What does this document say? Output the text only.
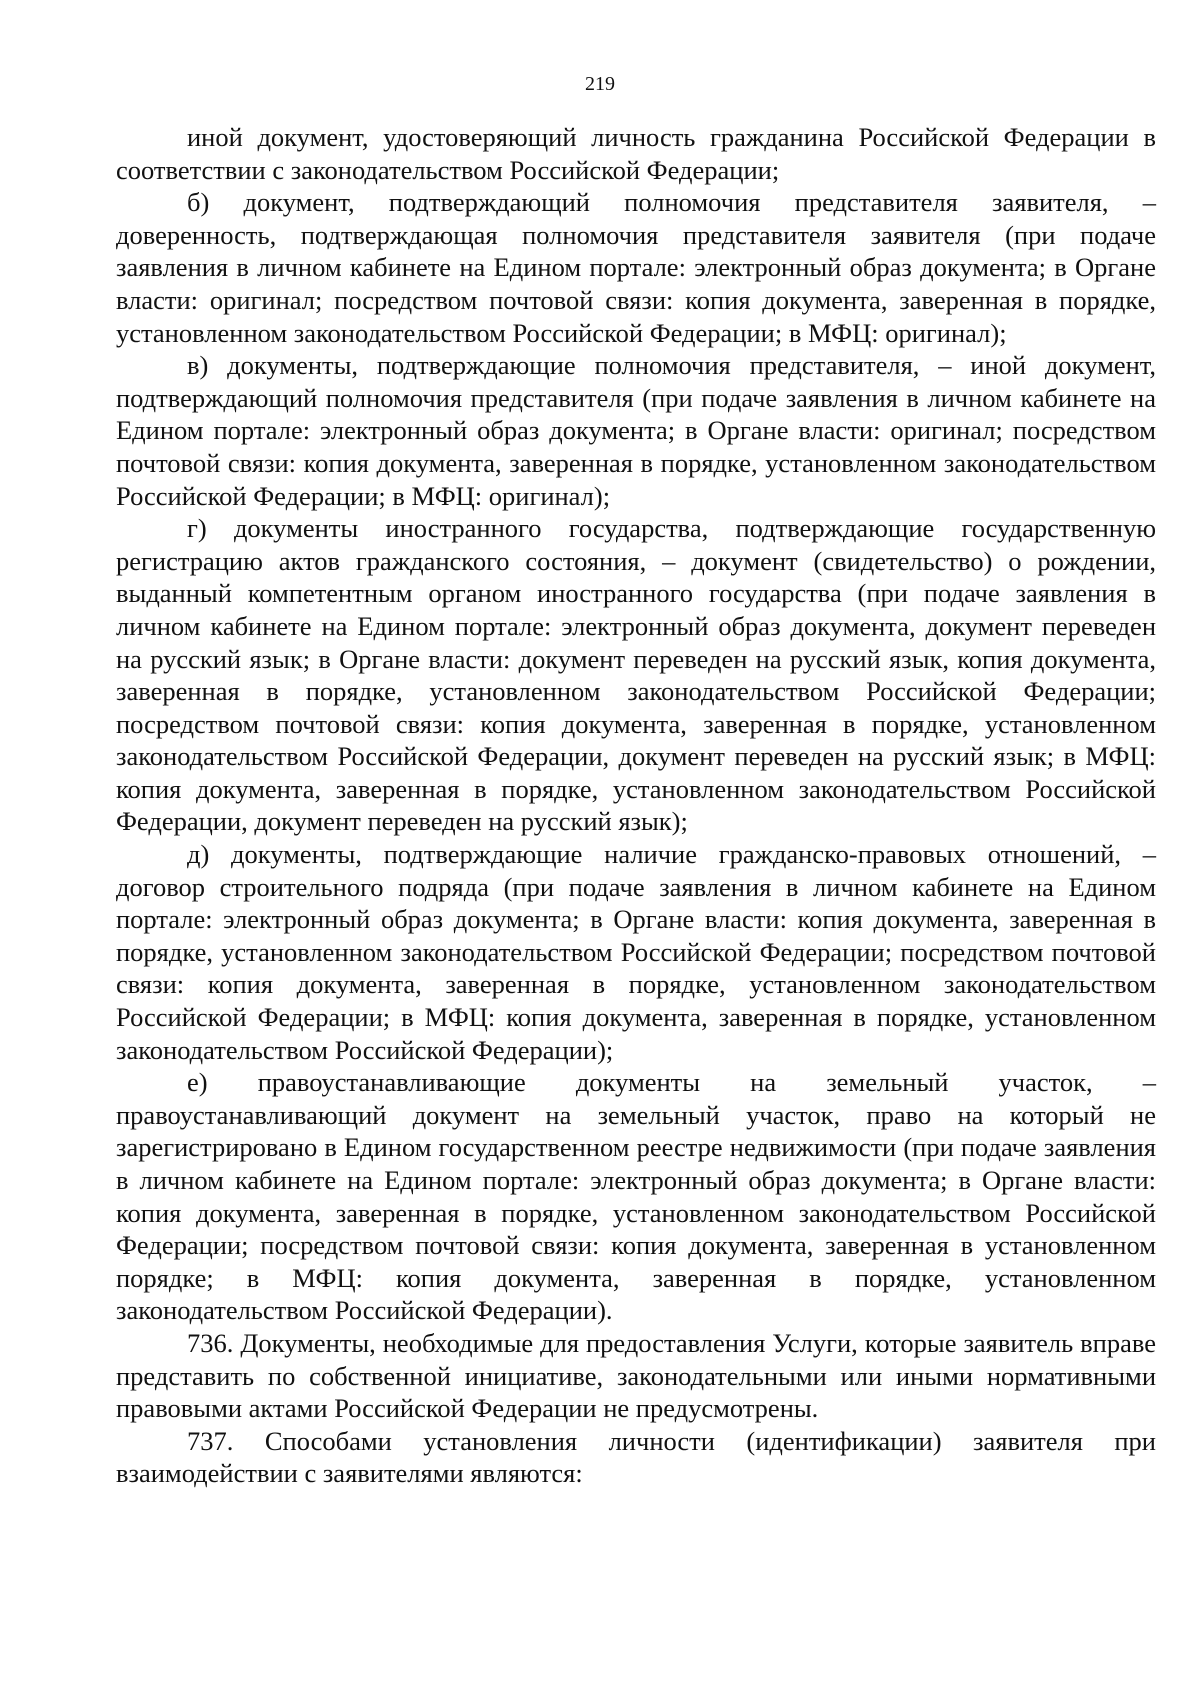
219

иной документ, удостоверяющий личность гражданина Российской Федерации в соответствии с законодательством Российской Федерации;

б) документ, подтверждающий полномочия представителя заявителя, – доверенность, подтверждающая полномочия представителя заявителя (при подаче заявления в личном кабинете на Едином портале: электронный образ документа; в Органе власти: оригинал; посредством почтовой связи: копия документа, заверенная в порядке, установленном законодательством Российской Федерации; в МФЦ: оригинал);

в) документы, подтверждающие полномочия представителя, – иной документ, подтверждающий полномочия представителя (при подаче заявления в личном кабинете на Едином портале: электронный образ документа; в Органе власти: оригинал; посредством почтовой связи: копия документа, заверенная в порядке, установленном законодательством Российской Федерации; в МФЦ: оригинал);

г) документы иностранного государства, подтверждающие государственную регистрацию актов гражданского состояния, – документ (свидетельство) о рождении, выданный компетентным органом иностранного государства (при подаче заявления в личном кабинете на Едином портале: электронный образ документа, документ переведен на русский язык; в Органе власти: документ переведен на русский язык, копия документа, заверенная в порядке, установленном законодательством Российской Федерации; посредством почтовой связи: копия документа, заверенная в порядке, установленном законодательством Российской Федерации, документ переведен на русский язык; в МФЦ: копия документа, заверенная в порядке, установленном законодательством Российской Федерации, документ переведен на русский язык);

д) документы, подтверждающие наличие гражданско-правовых отношений, – договор строительного подряда (при подаче заявления в личном кабинете на Едином портале: электронный образ документа; в Органе власти: копия документа, заверенная в порядке, установленном законодательством Российской Федерации; посредством почтовой связи: копия документа, заверенная в порядке, установленном законодательством Российской Федерации; в МФЦ: копия документа, заверенная в порядке, установленном законодательством Российской Федерации);

е) правоустанавливающие документы на земельный участок, – правоустанавливающий документ на земельный участок, право на который не зарегистрировано в Едином государственном реестре недвижимости (при подаче заявления в личном кабинете на Едином портале: электронный образ документа; в Органе власти: копия документа, заверенная в порядке, установленном законодательством Российской Федерации; посредством почтовой связи: копия документа, заверенная в установленном порядке; в МФЦ: копия документа, заверенная в порядке, установленном законодательством Российской Федерации).

736. Документы, необходимые для предоставления Услуги, которые заявитель вправе представить по собственной инициативе, законодательными или иными нормативными правовыми актами Российской Федерации не предусмотрены.

737. Способами установления личности (идентификации) заявителя при взаимодействии с заявителями являются:
